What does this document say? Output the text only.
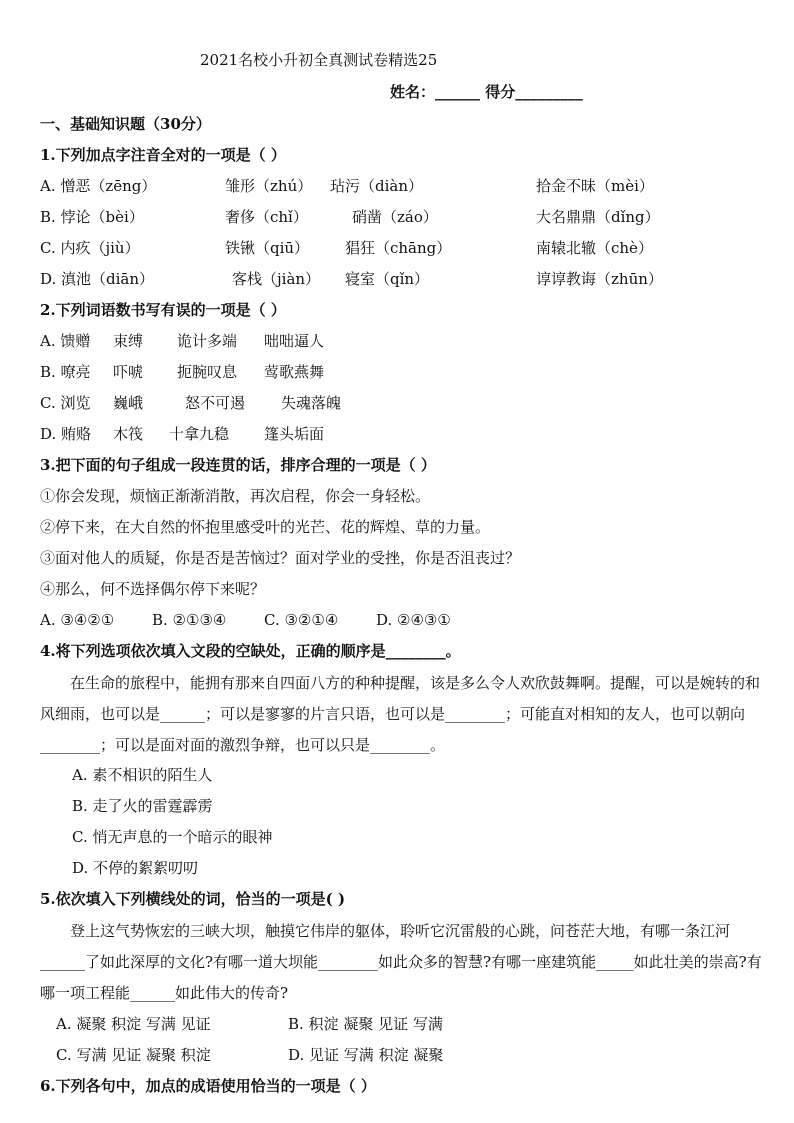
2021名校小升初全真测试卷精选25
姓名：______ 得分_________
一、基础知识题（30分）
1.下列加点字注音全对的一项是（ ）
A. 憎恶（zēng）	雏形（zhú） 玷污（diàn）	拾金不昧（mèi）
B. 悖论（bèi）	奢侈（chǐ）	硝凿（záo）	大名鼎鼎（dǐng）
C. 内疚（jiù）	铁锹（qiū） 猖狂（chāng）	南辕北辙（chè）
D. 滇池（diān）	客栈（jiàn） 寝室（qǐn）	谆谆教诲（zhūn）
2.下列词语数书写有误的一项是（ ）
A. 馈赠 束缚 诡计多端 咄咄逼人
B. 嘹亮 吓唬 扼腕叹息 莺歌燕舞
C. 浏览 巍峨	怒不可遏 失魂落魄
D. 贿赂 木筏 十拿九稳 篷头垢面
3.把下面的句子组成一段连贯的话，排序合理的一项是（ ）
①你会发现，烦恼正渐渐消散，再次启程，你会一身轻松。
②停下来，在大自然的怀抱里感受叶的光芒、花的辉煌、草的力量。
③面对他人的质疑，你是否是苦恼过？面对学业的受挫，你是否沮丧过？
④那么，何不选择偶尔停下来呢？
A. ③④②①	B. ②①③④	C. ③②①④	D. ②④③①
4.将下列选项依次填入文段的空缺处，正确的顺序是________。
在生命的旅程中，能拥有那来自四面八方的种种提醒，该是多么令人欢欣鼓舞啊。提醒，可以是婉转的和风细雨，也可以是______；可以是寥寥的片言只语，也可以是________；可能直对相知的友人，也可以朝向________；可以是面对面的激烈争辩，也可以只是________。
A. 素不相识的陌生人
B. 走了火的雷霆霹雳
C. 悄无声息的一个暗示的眼神
D. 不停的絮絮叨叨
5.依次填入下列横线处的词，恰当的一项是( )
登上这气势恢宏的三峡大坝，触摸它伟岸的躯体，聆听它沉雷般的心跳，问苍茫大地，有哪一条江河______了如此深厚的文化?有哪一道大坝能________如此众多的智慧?有哪一座建筑能_____如此壮美的崇高?有哪一项工程能______如此伟大的传奇?
A. 凝聚 积淀 写满 见证	B. 积淀 凝聚 见证 写满
C. 写满 见证 凝聚 积淀	D. 见证 写满 积淀 凝聚
6.下列各句中，加点的成语使用恰当的一项是（ ）
